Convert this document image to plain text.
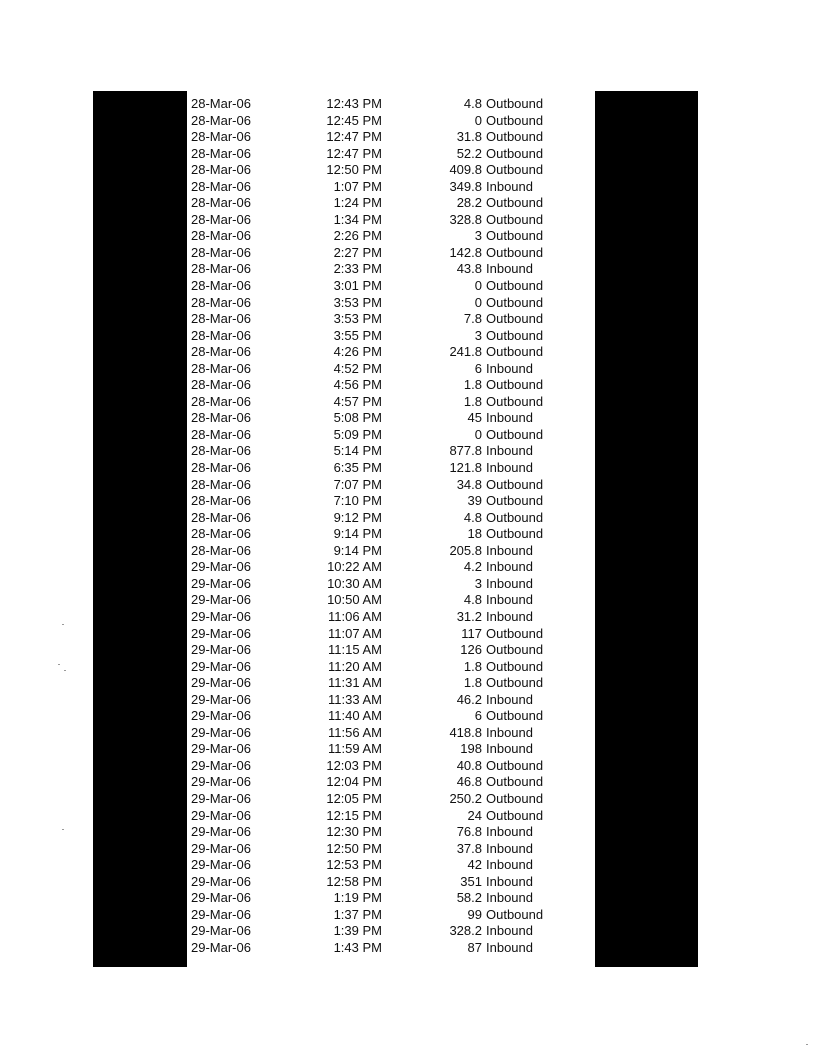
28-Mar-06	12:43 PM	4.8 Outbound
28-Mar-06	12:45 PM	0 Outbound
28-Mar-06	12:47 PM	31.8 Outbound
28-Mar-06	12:47 PM	52.2 Outbound
28-Mar-06	12:50 PM	409.8 Outbound
28-Mar-06	1:07 PM	349.8 Inbound
28-Mar-06	1:24 PM	28.2 Outbound
28-Mar-06	1:34 PM	328.8 Outbound
28-Mar-06	2:26 PM	3 Outbound
28-Mar-06	2:27 PM	142.8 Outbound
28-Mar-06	2:33 PM	43.8 Inbound
28-Mar-06	3:01 PM	0 Outbound
28-Mar-06	3:53 PM	0 Outbound
28-Mar-06	3:53 PM	7.8 Outbound
28-Mar-06	3:55 PM	3 Outbound
28-Mar-06	4:26 PM	241.8 Outbound
28-Mar-06	4:52 PM	6 Inbound
28-Mar-06	4:56 PM	1.8 Outbound
28-Mar-06	4:57 PM	1.8 Outbound
28-Mar-06	5:08 PM	45 Inbound
28-Mar-06	5:09 PM	0 Outbound
28-Mar-06	5:14 PM	877.8 Inbound
28-Mar-06	6:35 PM	121.8 Inbound
28-Mar-06	7:07 PM	34.8 Outbound
28-Mar-06	7:10 PM	39 Outbound
28-Mar-06	9:12 PM	4.8 Outbound
28-Mar-06	9:14 PM	18 Outbound
28-Mar-06	9:14 PM	205.8 Inbound
29-Mar-06	10:22 AM	4.2 Inbound
29-Mar-06	10:30 AM	3 Inbound
29-Mar-06	10:50 AM	4.8 Inbound
29-Mar-06	11:06 AM	31.2 Inbound
29-Mar-06	11:07 AM	117 Outbound
29-Mar-06	11:15 AM	126 Outbound
29-Mar-06	11:20 AM	1.8 Outbound
29-Mar-06	11:31 AM	1.8 Outbound
29-Mar-06	11:33 AM	46.2 Inbound
29-Mar-06	11:40 AM	6 Outbound
29-Mar-06	11:56 AM	418.8 Inbound
29-Mar-06	11:59 AM	198 Inbound
29-Mar-06	12:03 PM	40.8 Outbound
29-Mar-06	12:04 PM	46.8 Outbound
29-Mar-06	12:05 PM	250.2 Outbound
29-Mar-06	12:15 PM	24 Outbound
29-Mar-06	12:30 PM	76.8 Inbound
29-Mar-06	12:50 PM	37.8 Inbound
29-Mar-06	12:53 PM	42 Inbound
29-Mar-06	12:58 PM	351 Inbound
29-Mar-06	1:19 PM	58.2 Inbound
29-Mar-06	1:37 PM	99 Outbound
29-Mar-06	1:39 PM	328.2 Inbound
29-Mar-06	1:43 PM	87 Inbound
